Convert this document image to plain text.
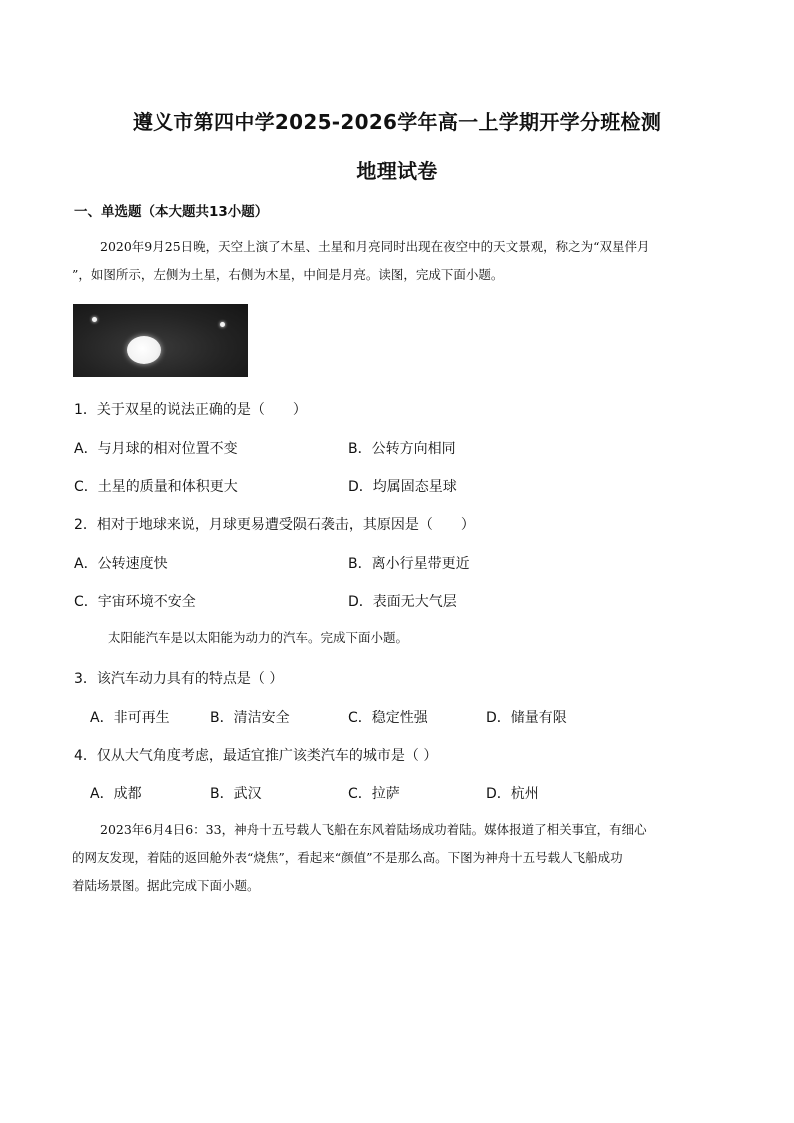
遵义市第四中学2025-2026学年高一上学期开学分班检测
地理试卷
一、单选题（本大题共13小题）
2020年9月25日晚，天空上演了木星、土星和月亮同时出现在夜空中的天文景观，称之为“双星伴月
”，如图所示，左侧为土星，右侧为木星，中间是月亮。读图，完成下面小题。
1．关于双星的说法正确的是（　　）
A．与月球的相对位置不变	B．公转方向相同
C．土星的质量和体积更大	D．均属固态星球
2．相对于地球来说，月球更易遭受陨石袭击，其原因是（　　）
A．公转速度快	B．离小行星带更近
C．宇宙环境不安全	D．表面无大气层
太阳能汽车是以太阳能为动力的汽车。完成下面小题。
3．该汽车动力具有的特点是（ ）
A．非可再生	B．清洁安全	C．稳定性强	D．储量有限
4．仅从大气角度考虑，最适宜推广该类汽车的城市是（ ）
A．成都	B．武汉	C．拉萨	D．杭州
2023年6月4日6：33，神舟十五号载人飞船在东风着陆场成功着陆。媒体报道了相关事宜，有细心
的网友发现，着陆的返回舱外表“烧焦”，看起来“颜值”不是那么高。下图为神舟十五号载人飞船成功
着陆场景图。据此完成下面小题。
